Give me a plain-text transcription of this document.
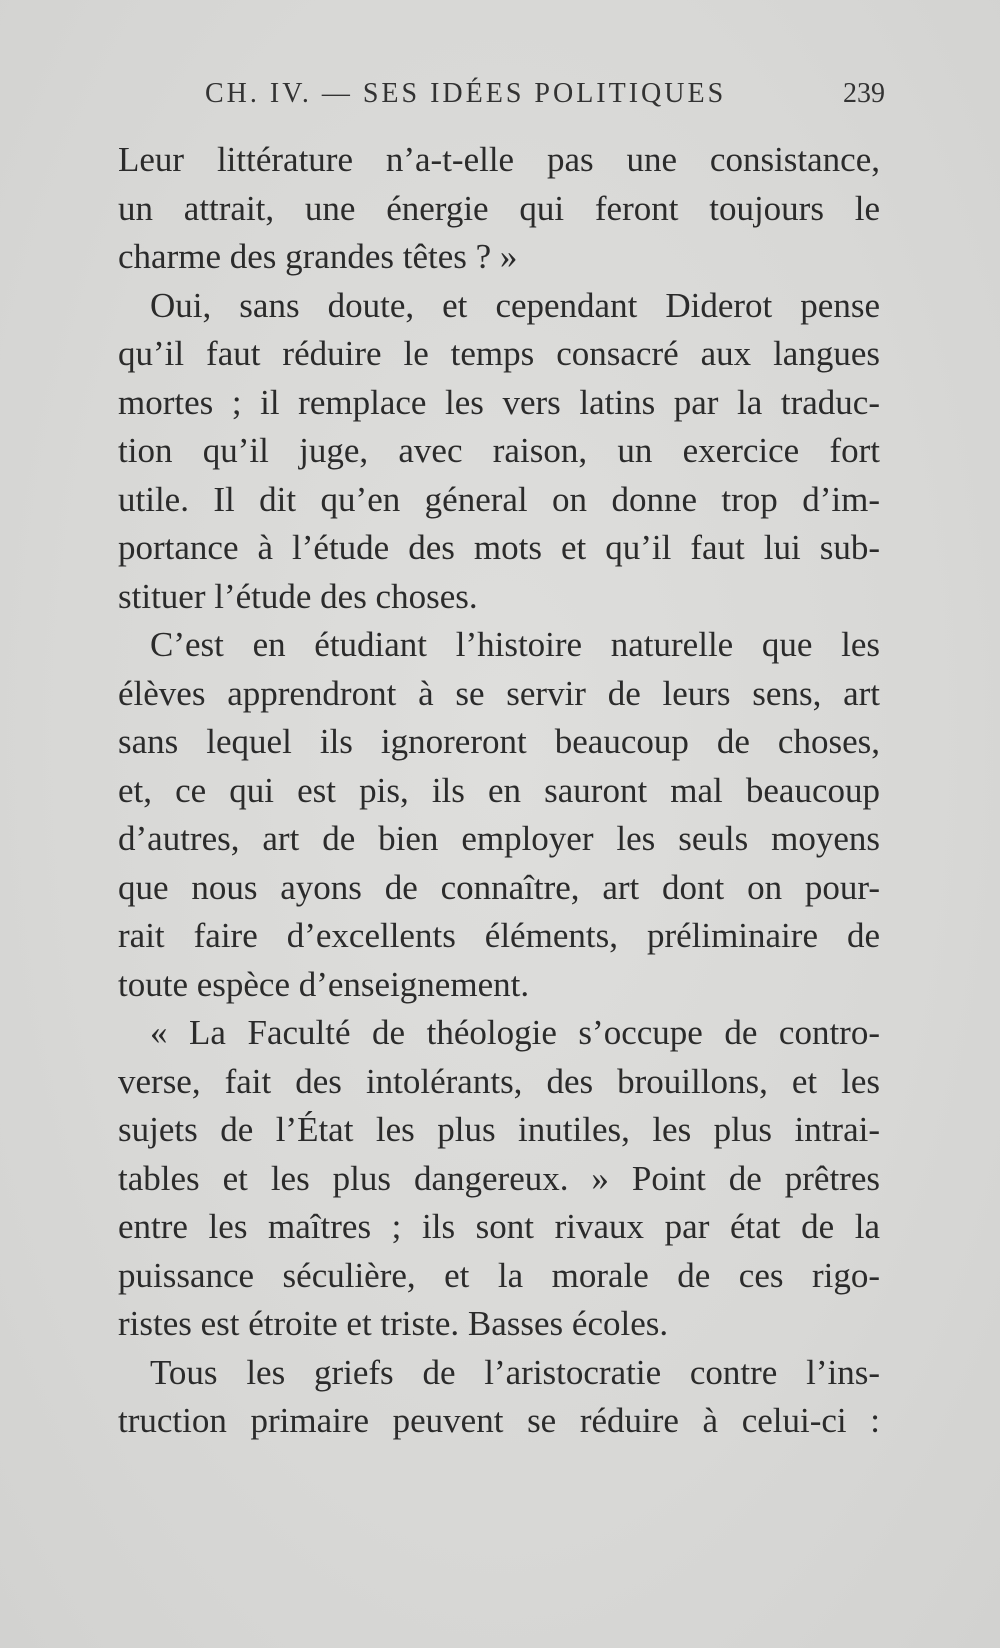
CH. IV. — SES IDÉES POLITIQUES	239
Leur littérature n’a-t-elle pas une consistance,
un attrait, une énergie qui feront toujours le
charme des grandes têtes ? »
Oui, sans doute, et cependant Diderot pense
qu’il faut réduire le temps consacré aux langues
mortes ; il remplace les vers latins par la traduc-
tion qu’il juge, avec raison, un exercice fort
utile. Il dit qu’en géneral on donne trop d’im-
portance à l’étude des mots et qu’il faut lui sub-
stituer l’étude des choses.
C’est en étudiant l’histoire naturelle que les
élèves apprendront à se servir de leurs sens, art
sans lequel ils ignoreront beaucoup de choses,
et, ce qui est pis, ils en sauront mal beaucoup
d’autres, art de bien employer les seuls moyens
que nous ayons de connaître, art dont on pour-
rait faire d’excellents éléments, préliminaire de
toute espèce d’enseignement.
« La Faculté de théologie s’occupe de contro-
verse, fait des intolérants, des brouillons, et les
sujets de l’État les plus inutiles, les plus intrai-
tables et les plus dangereux. » Point de prêtres
entre les maîtres ; ils sont rivaux par état de la
puissance séculière, et la morale de ces rigo-
ristes est étroite et triste. Basses écoles.
Tous les griefs de l’aristocratie contre l’ins-
truction primaire peuvent se réduire à celui-ci :
